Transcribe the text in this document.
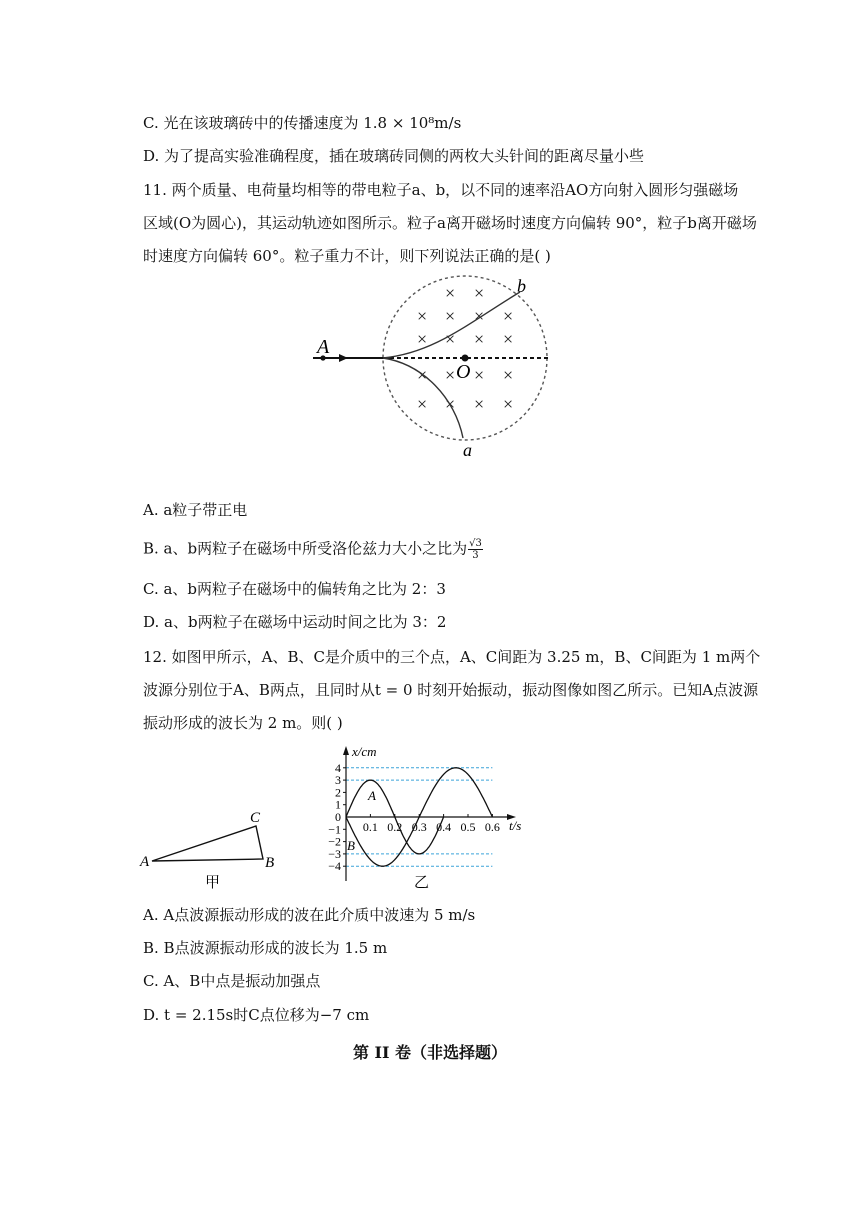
C. 光在该玻璃砖中的传播速度为 1.8 × 10⁸m/s
D. 为了提高实验准确程度，插在玻璃砖同侧的两枚大头针间的距离尽量小些
11. 两个质量、电荷量均相等的带电粒子a、b，以不同的速率沿AO方向射入圆形匀强磁场
区域(O为圆心)，其运动轨迹如图所示。粒子a离开磁场时速度方向偏转 90°，粒子b离开磁场
时速度方向偏转 60°。粒子重力不计，则下列说法正确的是( )
× ×
× × × ×
× × × ×
× × × ×
× × × ×
A
O
a
b
A. a粒子带正电
B. a、b两粒子在磁场中所受洛伦兹力大小之比为 $\frac{√3}{3}$
C. a、b两粒子在磁场中的偏转角之比为 2：3
D. a、b两粒子在磁场中运动时间之比为 3：2
12. 如图甲所示，A、B、C是介质中的三个点，A、C间距为 3.25 m，B、C间距为 1 m两个
波源分别位于A、B两点，且同时从t = 0 时刻开始振动，振动图像如图乙所示。已知A点波源
振动形成的波长为 2 m。则( )
A	B
C
甲
4
3
2
1
−1
−2
−3
−4
0.1 0.2 0.3 0.4 0.5 0.6
x/cm
t/s
0
A
B
乙
A. A点波源振动形成的波在此介质中波速为 5 m/s
B. B点波源振动形成的波长为 1.5 m
C. A、B中点是振动加强点
D. t = 2.15s时C点位移为−7 cm
第 II 卷（非选择题）
